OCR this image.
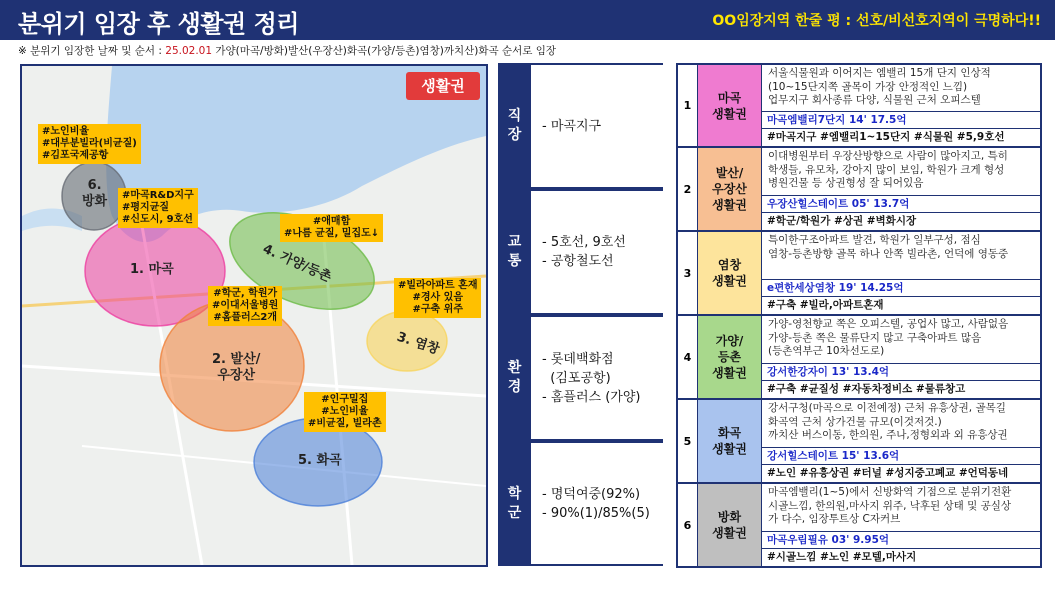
분위기 임장 후 생활권 정리	OO임장지역 한줄 평 : 선호/비선호지역이 극명하다!!
※ 분위기 임장한 날짜 및 순서 : 25.02.01 가양(마곡/방화)발산(우장산)화곡(가양/등촌)염창)까치산)화곡 순서로 임장
생활권
1. 마곡
2. 발산/
우장산
3. 염창
4. 가양/등촌
5. 화곡
6.
방화
#노인비율
#대부분빌라(비균질)
#김포국제공항
#마곡R&D지구
#평지균질
#신도시, 9호선	#애매함
#나름 균질, 밀집도↓
#빌라아파트 혼재
#경사 있음
#구축 위주
#학군, 학원가
#이대서울병원
#홈플러스2개
#인구밀집
#노인비율
#비균질, 빌라촌
직장
- 마곡지구
교통
- 5호선, 9호선
- 공항철도선
환경
- 롯데백화점
(김포공항)
- 홈플러스 (가양)
학군
- 명덕여중(92%)
- 90%(1)/85%(5)
1
마곡
생활권
서울식물원과 이어지는 엠밸리 15개 단지 인상적
(10~15단지쪽 골목이 가장 안정적인 느낌)
업무지구 회사종류 다양, 식물원 근처 오피스텔
마곡엠밸리7단지 14' 17.5억
#마곡지구 #엠밸리1~15단지 #식물원 #5,9호선
2
발산/
우장산
생활권
이대병원부터 우장산방향으로 사람이 많아지고, 특히
학생들, 유모차, 강아지 많이 보임, 학원가 크게 형성
병원건물 등 상권형성 잘 되어있음
우장산힐스테이트 05' 13.7억
#학군/학원가 #상권 #벽화시장
3
염창
생활권
특이한구조아파트 발견, 학원가 일부구성, 점심
염창-등촌방향 골목 하나 안쪽 빌라촌, 언덕에 영동중
e편한세상염창 19' 14.25억
#구축 #빌라,아파트혼재
4
가양/
등촌
생활권
가양-영천향교 쪽은 오피스텔, 공업사 많고, 사람없음
가양-등촌 쪽은 물류단지 많고 구축아파트 많음
(등촌역부근 10차선도로)
강서한강자이 13' 13.4억
#구축 #균질성 #자동차정비소 #물류창고
5
화곡
생활권
강서구청(마곡으로 이전예정) 근처 유흥상권, 골목길
화곡역 근처 상가건물 규모(이것저것.)
까치산 버스이동, 한의원, 주나,정형외과 외 유흥상권
강서힐스테이트 15' 13.6억
#노인 #유흥상권 #터널 #성지중고폐교 #언덕동네
6
방화
생활권
마곡엠밸리(1~5)에서 신방화역 기점으로 분위기전환
시골느낌, 한의원,마사지 위주, 낙후된 상태 및 공실상
가 다수, 임장투트상 C자커브
마곡우림필유 03' 9.95억
#시골느낌 #노인 #모텔,마사지
